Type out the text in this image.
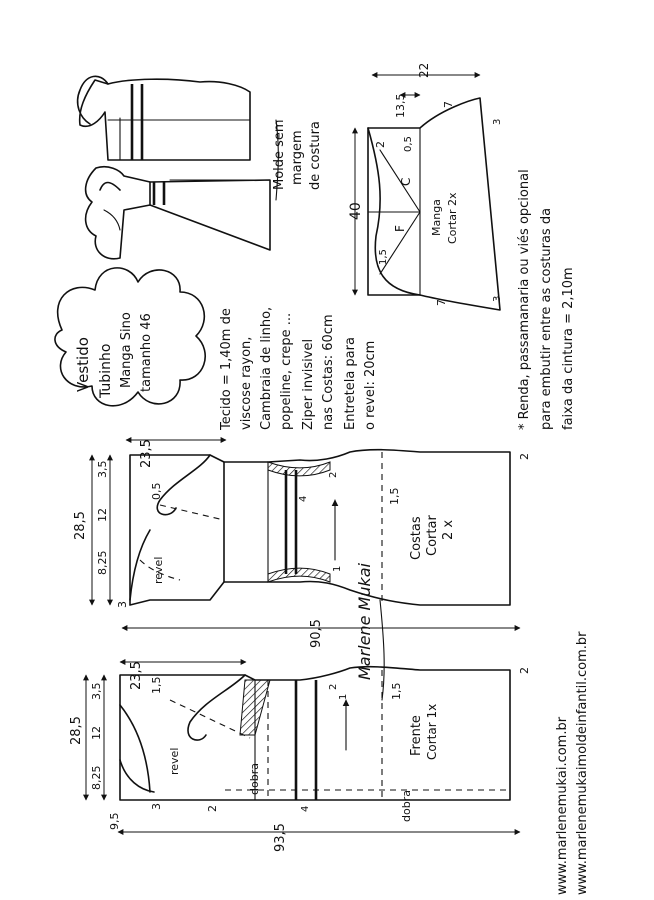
Vestido Tubinho Manga Sino tamanho 46
Molde sem margem de costura
40
22
13,5
0,5
2
1,5
7
7
3
3
C
F Manga Cortar 2x
Tecido = 1,40m de viscose rayon, Cambraia de linho, popeline, crepe ... Ziper invisivel nas Costas: 60cm Entretela para o revel: 20cm	* Renda, passamanaria ou viés opcional para embutir entre as costuras da faixa da cintura = 2,10m
28,5
23,5
3,5
12
8,25
3
0,5	4	1,5
2
2
1
90,5
revel
Costas Cortar 2 x
Marlene Mukai
28,5
23,5
3,5
12
8,25
93,5
9,5
1,5
3	2	4
1,5
2
1
2
dobra
dobra
revel
Frente Cortar 1x	www.marlenemukai.com.br www.marlenemukaimoldeinfantil.com.br
